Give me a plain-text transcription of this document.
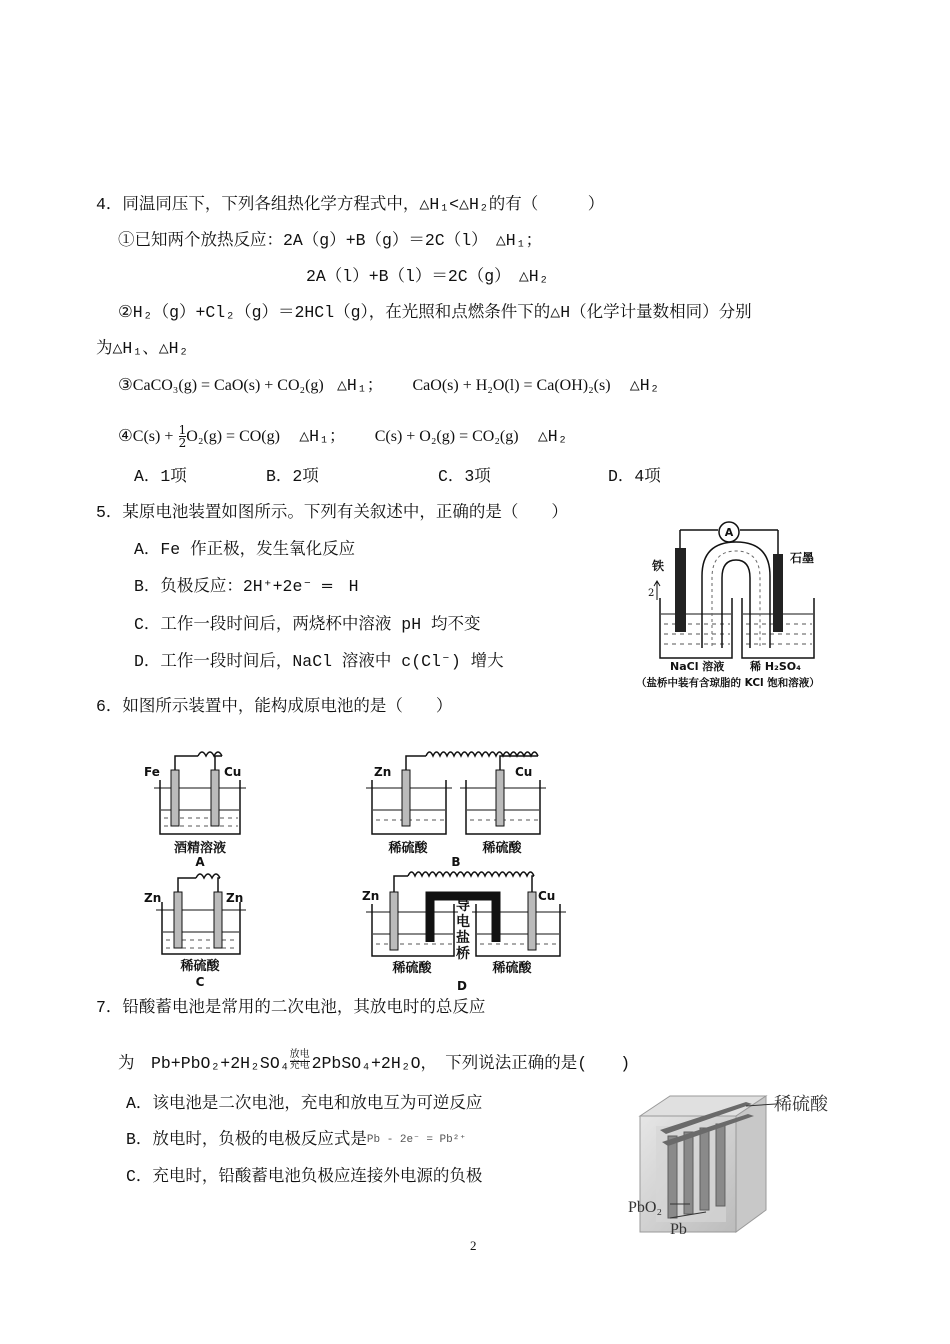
4．同温同压下，下列各组热化学方程式中，△H₁<△H₂的有（　　　）
①已知两个放热反应：2A（g）+B（g）＝2C（l）　△H₁；
2A（l）+B（l）＝2C（g）　△H₂
②H₂（g）+Cl₂（g）＝2HCl（g），在光照和点燃条件下的△H（化学计量数相同）分别
为△H₁、△H₂
③CaCO₃(g) = CaO(s) + CO₂(g) △H₁； CaO(s) + H₂O(l) = Ca(OH)₂(s) △H₂
④C(s) + $\frac{1}{2} O_2(g) = CO(g)$ △H₁； C(s) + O₂(g) = CO₂(g) △H₂
A．1项	B．2项	C．3项	D．4项
5．某原电池装置如图所示。下列有关叙述中，正确的是（　　）
A．Fe 作正极，发生氧化反应
B．负极反应：2H⁺+2e⁻ ═　H
C．工作一段时间后，两烧杯中溶液 pH 均不变
D．工作一段时间后，NaCl 溶液中 c(Cl⁻) 增大
A
铁
石墨
2
NaCl 溶液 稀 H₂SO₄
（盐桥中装有含琼脂的 KCl 饱和溶液）
6．如图所示装置中，能构成原电池的是（　　）
Fe	Cu
酒精溶液
A
Zn	Cu
稀硫酸	稀硫酸
B
Zn	Zn
稀硫酸
C
Zn	Cu
导
电
盐
桥
稀硫酸	稀硫酸
D
7．铅酸蓄电池是常用的二次电池，其放电时的总反应
为　Pb+PbO₂+2H₂SO₄ 放电
充电 2PbSO₄+2H₂O，　下列说法正确的是(　　)
A．该电池是二次电池，充电和放电互为可逆反应
B．放电时，负极的电极反应式是Pb - 2e⁻ = Pb²⁺
C．充电时，铅酸蓄电池负极应连接外电源的负极
稀硫酸
PbO₂
Pb
2
